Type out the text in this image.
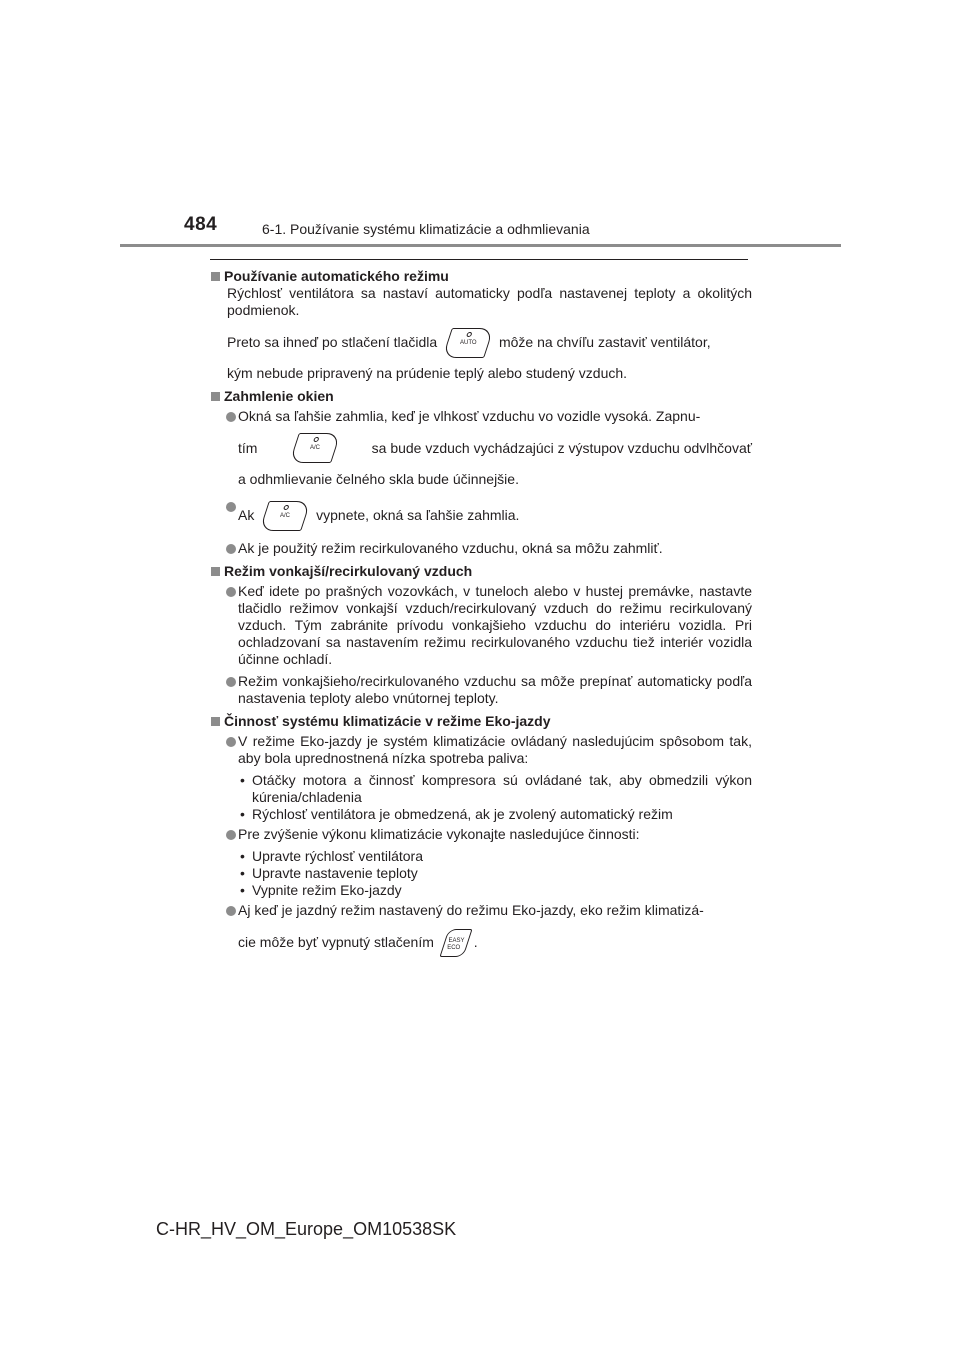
484	6-1. Používanie systému klimatizácie a odhmlievania
Používanie automatického režimu
Rýchlosť ventilátora sa nastaví automaticky podľa nastavenej teploty a okolitých podmienok.
Preto sa ihneď po stlačení tlačidla	AUTO môže na chvíľu zastaviť ventilátor,
kým nebude pripravený na prúdenie teplý alebo studený vzduch.
Zahmlenie okien
Okná sa ľahšie zahmlia, keď je vlhkosť vzduchu vo vozidle vysoká. Zapnu-
tím	A/C	sa bude vzduch vychádzajúci z výstupov vzduchu odvlhčovať
a odhmlievanie čelného skla bude účinnejšie.
Ak	A/C vypnete, okná sa ľahšie zahmlia.
Ak je použitý režim recirkulovaného vzduchu, okná sa môžu zahmliť.
Režim vonkajší/recirkulovaný vzduch
Keď idete po prašných vozovkách, v tuneloch alebo v hustej premávke, nastavte tlačidlo režimov vonkajší vzduch/recirkulovaný vzduch do režimu recirkulovaný vzduch. Tým zabránite prívodu vonkajšieho vzduchu do interiéru vozidla. Pri ochladzovaní sa nastavením režimu recirkulovaného vzduchu tiež interiér vozidla účinne ochladí.
Režim vonkajšieho/recirkulovaného vzduchu sa môže prepínať automaticky podľa nastavenia teploty alebo vnútornej teploty.
Činnosť systému klimatizácie v režime Eko-jazdy
V režime Eko-jazdy je systém klimatizácie ovládaný nasledujúcim spôsobom tak, aby bola uprednostnená nízka spotreba paliva:
• Otáčky motora a činnosť kompresora sú ovládané tak, aby obmedzili výkon kúrenia/chladenia
• Rýchlosť ventilátora je obmedzená, ak je zvolený automatický režim
Pre zvýšenie výkonu klimatizácie vykonajte nasledujúce činnosti:
• Upravte rýchlosť ventilátora
• Upravte nastavenie teploty
• Vypnite režim Eko-jazdy
Aj keď je jazdný režim nastavený do režimu Eko-jazdy, eko režim klimatizá-
cie môže byť vypnutý stlačením EASY
ECO .
C-HR_HV_OM_Europe_OM10538SK
